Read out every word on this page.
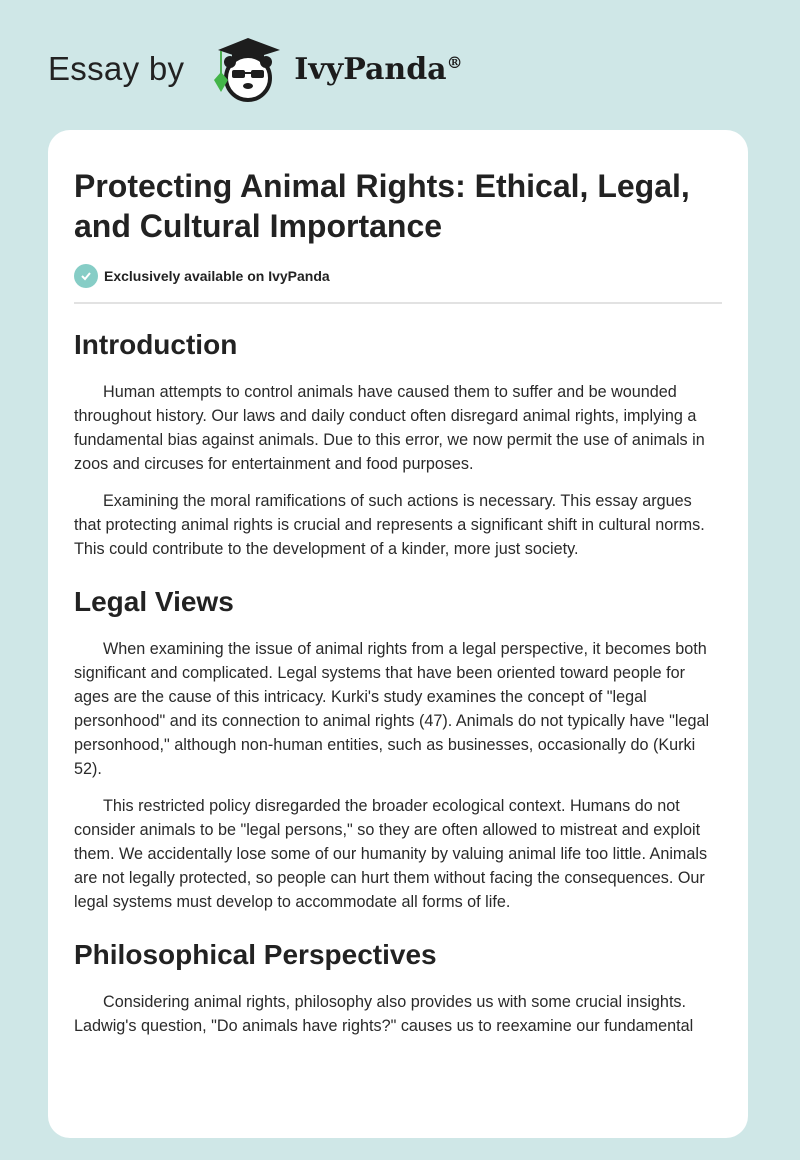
Essay by	IvyPanda®
Protecting Animal Rights: Ethical, Legal, and Cultural Importance
Exclusively available on IvyPanda
Introduction

Human attempts to control animals have caused them to suffer and be wounded throughout history. Our laws and daily conduct often disregard animal rights, implying a fundamental bias against animals. Due to this error, we now permit the use of animals in zoos and circuses for entertainment and food purposes.

Examining the moral ramifications of such actions is necessary. This essay argues that protecting animal rights is crucial and represents a significant shift in cultural norms. This could contribute to the development of a kinder, more just society.

Legal Views

When examining the issue of animal rights from a legal perspective, it becomes both significant and complicated. Legal systems that have been oriented toward people for ages are the cause of this intricacy. Kurki's study examines the concept of "legal personhood" and its connection to animal rights (47). Animals do not typically have "legal personhood," although non-human entities, such as businesses, occasionally do (Kurki 52).

This restricted policy disregarded the broader ecological context. Humans do not consider animals to be "legal persons," so they are often allowed to mistreat and exploit them. We accidentally lose some of our humanity by valuing animal life too little. Animals are not legally protected, so people can hurt them without facing the consequences. Our legal systems must develop to accommodate all forms of life.

Philosophical Perspectives

Considering animal rights, philosophy also provides us with some crucial insights. Ladwig's question, "Do animals have rights?" causes us to reexamine our fundamental
